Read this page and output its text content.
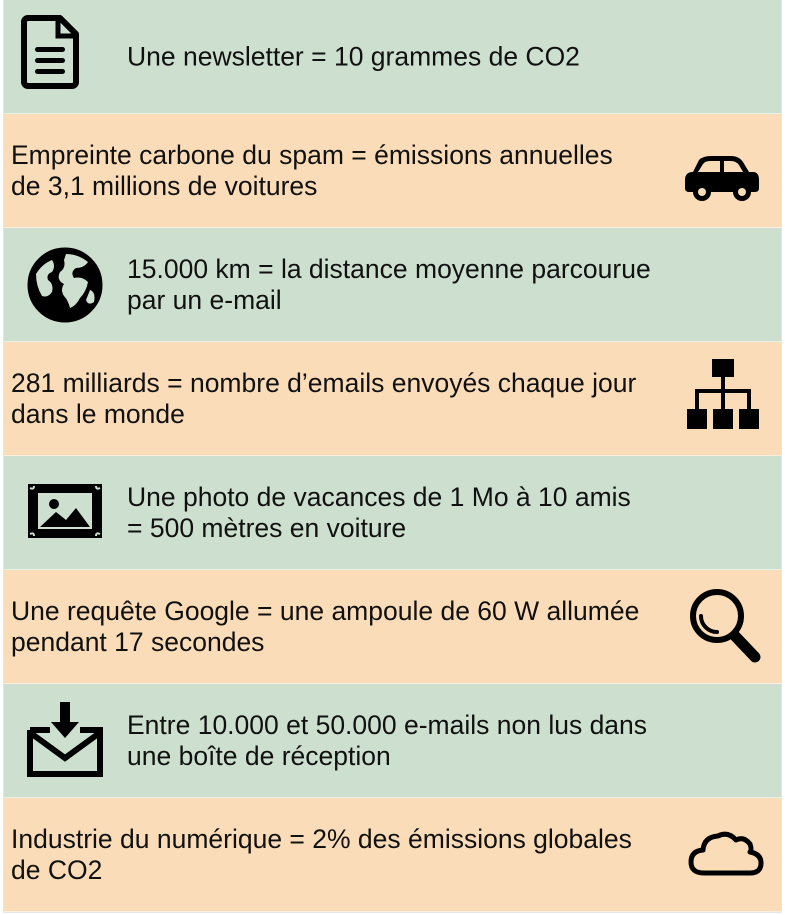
Une newsletter = 10 grammes de CO2
Empreinte carbone du spam = émissions annuelles
de 3,1 millions de voitures
15.000 km = la distance moyenne parcourue
par un e-mail
281 milliards = nombre d’emails envoyés chaque jour
dans le monde
Une photo de vacances de 1 Mo à 10 amis
= 500 mètres en voiture
Une requête Google = une ampoule de 60 W allumée
pendant 17 secondes
Entre 10.000 et 50.000 e-mails non lus dans
une boîte de réception
Industrie du numérique = 2% des émissions globales
de CO2
